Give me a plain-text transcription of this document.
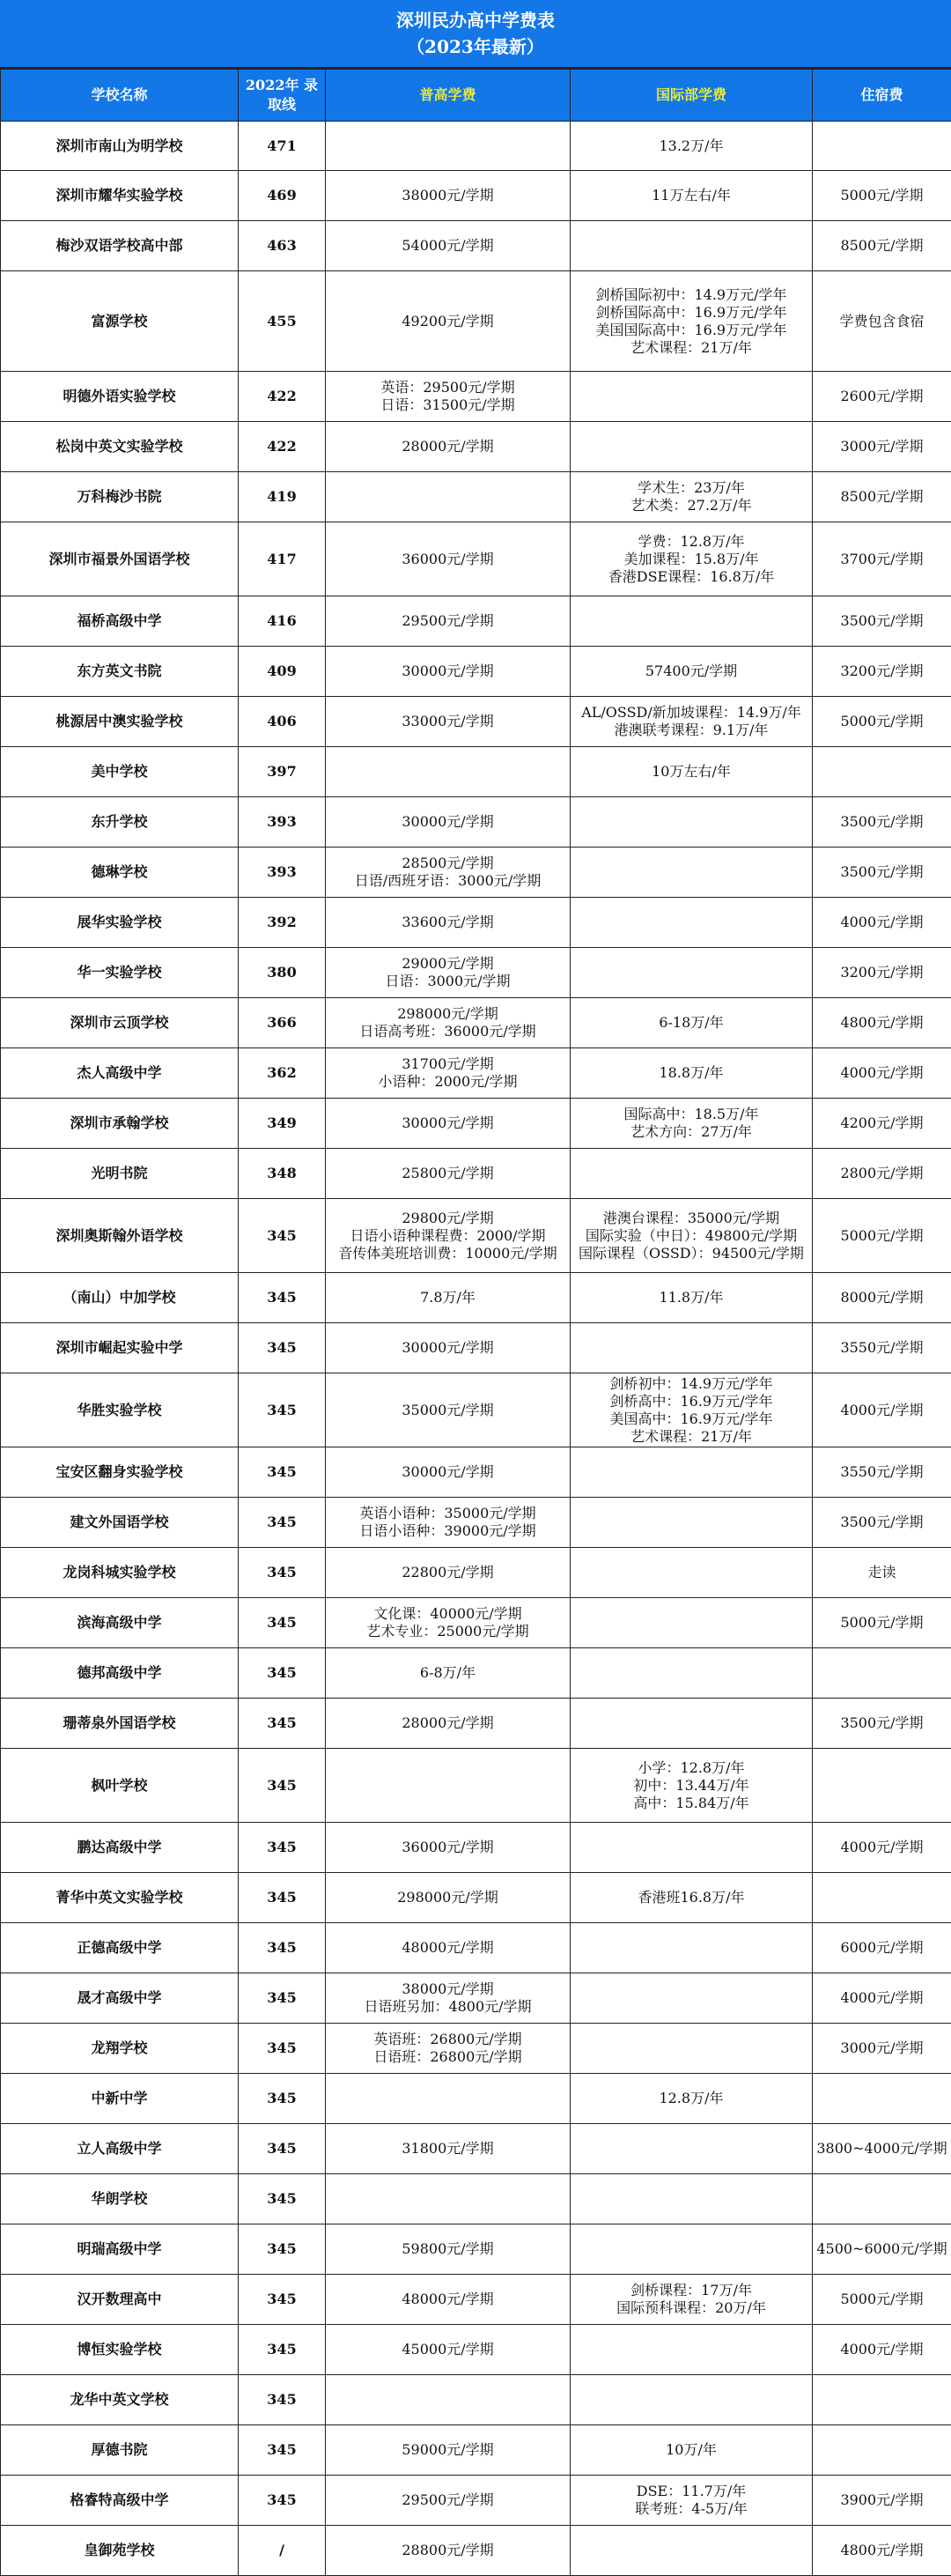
深圳民办高中学费表
（2023年最新）
学校名称	2022年 录取线	普高学费	国际部学费	住宿费
深圳市南山为明学校	471		13.2万/年	

深圳市耀华实验学校	469	38000元/学期	11万左右/年	5000元/学期

梅沙双语学校高中部	463	54000元/学期		8500元/学期

富源学校	455	49200元/学期	剑桥国际初中：14.9万元/学年
剑桥国际高中：16.9万元/学年
美国国际高中：16.9万元/学年
艺术课程：21万/年	学费包含食宿

明德外语实验学校	422	英语：29500元/学期
日语：31500元/学期		2600元/学期

松岗中英文实验学校	422	28000元/学期		3000元/学期

万科梅沙书院	419		学术生：23万/年
艺术类：27.2万/年	8500元/学期

深圳市福景外国语学校	417	36000元/学期	学费：12.8万/年
美加课程：15.8万/年
香港DSE课程：16.8万/年	3700元/学期

福桥高级中学	416	29500元/学期		3500元/学期

东方英文书院	409	30000元/学期	57400元/学期	3200元/学期

桃源居中澳实验学校	406	33000元/学期	AL/OSSD/新加坡课程：14.9万/年
港澳联考课程：9.1万/年	5000元/学期

美中学校	397		10万左右/年	

东升学校	393	30000元/学期		3500元/学期

德琳学校	393	28500元/学期
日语/西班牙语：3000元/学期		3500元/学期

展华实验学校	392	33600元/学期		4000元/学期

华一实验学校	380	29000元/学期
日语：3000元/学期		3200元/学期

深圳市云顶学校	366	298000元/学期
日语高考班：36000元/学期	6-18万/年	4800元/学期

杰人高级中学	362	31700元/学期
小语种：2000元/学期	18.8万/年	4000元/学期

深圳市承翰学校	349	30000元/学期	国际高中：18.5万/年
艺术方向：27万/年	4200元/学期

光明书院	348	25800元/学期		2800元/学期

深圳奥斯翰外语学校	345	29800元/学期
日语小语种课程费：2000/学期
音传体美班培训费：10000元/学期	港澳台课程：35000元/学期
国际实验（中日）：49800元/学期
国际课程（OSSD）：94500元/学期	5000元/学期

（南山）中加学校	345	7.8万/年	11.8万/年	8000元/学期

深圳市崛起实验中学	345	30000元/学期		3550元/学期

华胜实验学校	345	35000元/学期	剑桥初中：14.9万元/学年
剑桥高中：16.9万元/学年
美国高中：16.9万元/学年
艺术课程：21万/年	4000元/学期

宝安区翻身实验学校	345	30000元/学期		3550元/学期

建文外国语学校	345	英语小语种：35000元/学期
日语小语种：39000元/学期		3500元/学期

龙岗科城实验学校	345	22800元/学期		走读

滨海高级中学	345	文化课：40000元/学期
艺术专业：25000元/学期		5000元/学期

德邦高级中学	345	6-8万/年		

珊蒂泉外国语学校	345	28000元/学期		3500元/学期

枫叶学校	345		小学：12.8万/年
初中：13.44万/年
高中：15.84万/年	

鹏达高级中学	345	36000元/学期		4000元/学期

菁华中英文实验学校	345	298000元/学期	香港班16.8万/年	

正德高级中学	345	48000元/学期		6000元/学期

晟才高级中学	345	38000元/学期
日语班另加：4800元/学期		4000元/学期

龙翔学校	345	英语班：26800元/学期
日语班：26800元/学期		3000元/学期

中新中学	345		12.8万/年	

立人高级中学	345	31800元/学期		3800~4000元/学期

华朗学校	345			
明瑞高级中学	345	59800元/学期		4500~6000元/学期

汉开数理高中	345	48000元/学期	剑桥课程：17万/年
国际预科课程：20万/年	5000元/学期

博恒实验学校	345	45000元/学期		4000元/学期

龙华中英文学校	345			
厚德书院	345	59000元/学期	10万/年	

格睿特高级中学	345	29500元/学期	DSE：11.7万/年
联考班：4-5万/年	3900元/学期

皇御苑学校	/	28800元/学期		4800元/学期
